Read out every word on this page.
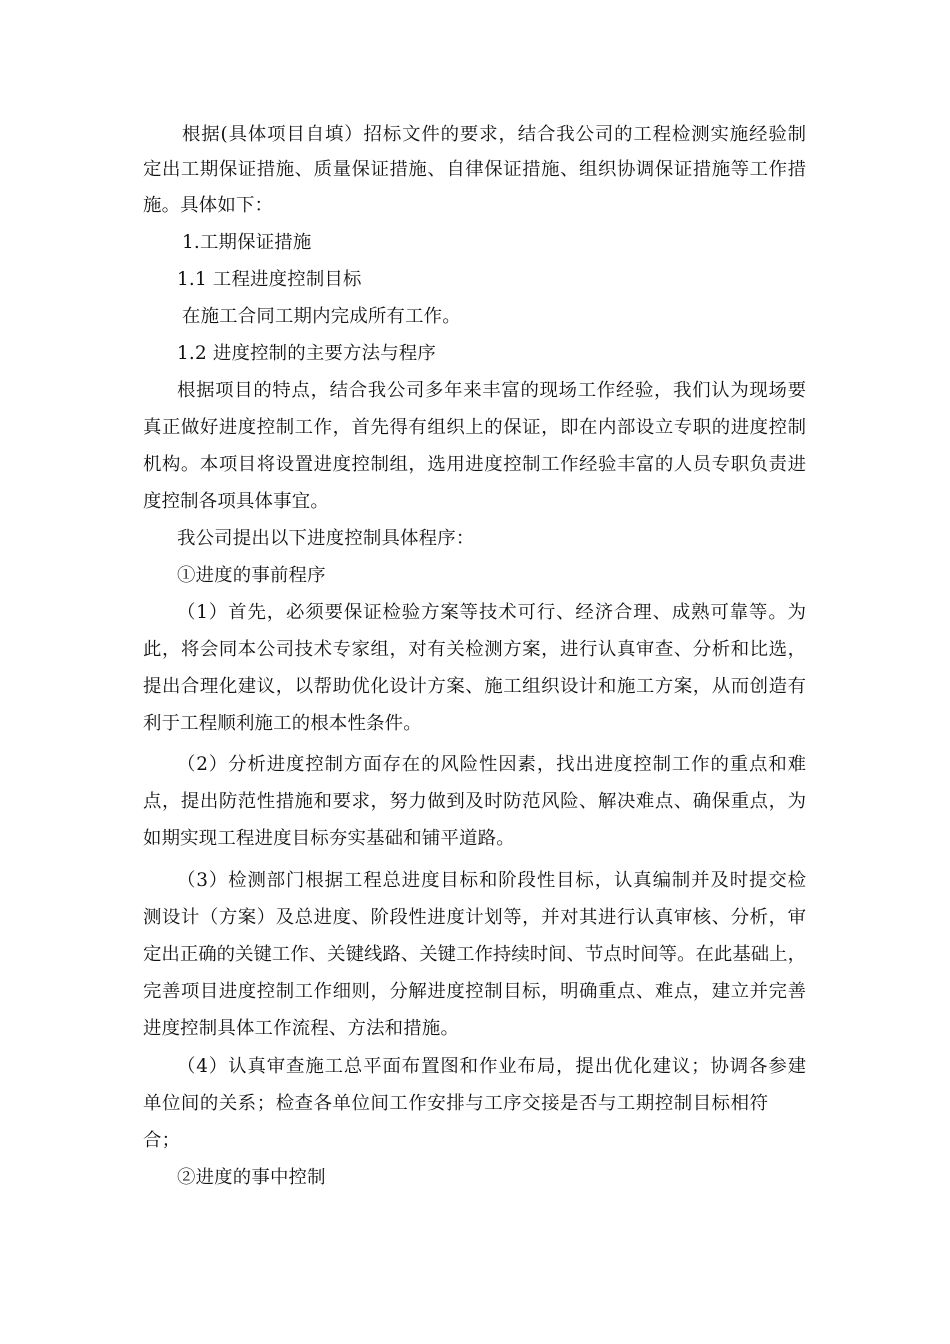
根据(具体项目自填）招标文件的要求，结合我公司的工程检测实施经验制
定出工期保证措施、质量保证措施、自律保证措施、组织协调保证措施等工作措
施。具体如下：
1.工期保证措施
1.1 工程进度控制目标
在施工合同工期内完成所有工作。
1.2 进度控制的主要方法与程序
根据项目的特点，结合我公司多年来丰富的现场工作经验，我们认为现场要
真正做好进度控制工作，首先得有组织上的保证，即在内部设立专职的进度控制
机构。本项目将设置进度控制组，选用进度控制工作经验丰富的人员专职负责进
度控制各项具体事宜。
我公司提出以下进度控制具体程序：
①进度的事前程序
（1）首先，必须要保证检验方案等技术可行、经济合理、成熟可靠等。为
此，将会同本公司技术专家组，对有关检测方案，进行认真审查、分析和比选，
提出合理化建议，以帮助优化设计方案、施工组织设计和施工方案，从而创造有
利于工程顺利施工的根本性条件。
（2）分析进度控制方面存在的风险性因素，找出进度控制工作的重点和难
点，提出防范性措施和要求，努力做到及时防范风险、解决难点、确保重点，为
如期实现工程进度目标夯实基础和铺平道路。
（3）检测部门根据工程总进度目标和阶段性目标，认真编制并及时提交检
测设计（方案）及总进度、阶段性进度计划等，并对其进行认真审核、分析，审
定出正确的关键工作、关键线路、关键工作持续时间、节点时间等。在此基础上，
完善项目进度控制工作细则，分解进度控制目标，明确重点、难点，建立并完善
进度控制具体工作流程、方法和措施。
（4）认真审查施工总平面布置图和作业布局，提出优化建议；协调各参建
单位间的关系；检查各单位间工作安排与工序交接是否与工期控制目标相符
合；
②进度的事中控制
